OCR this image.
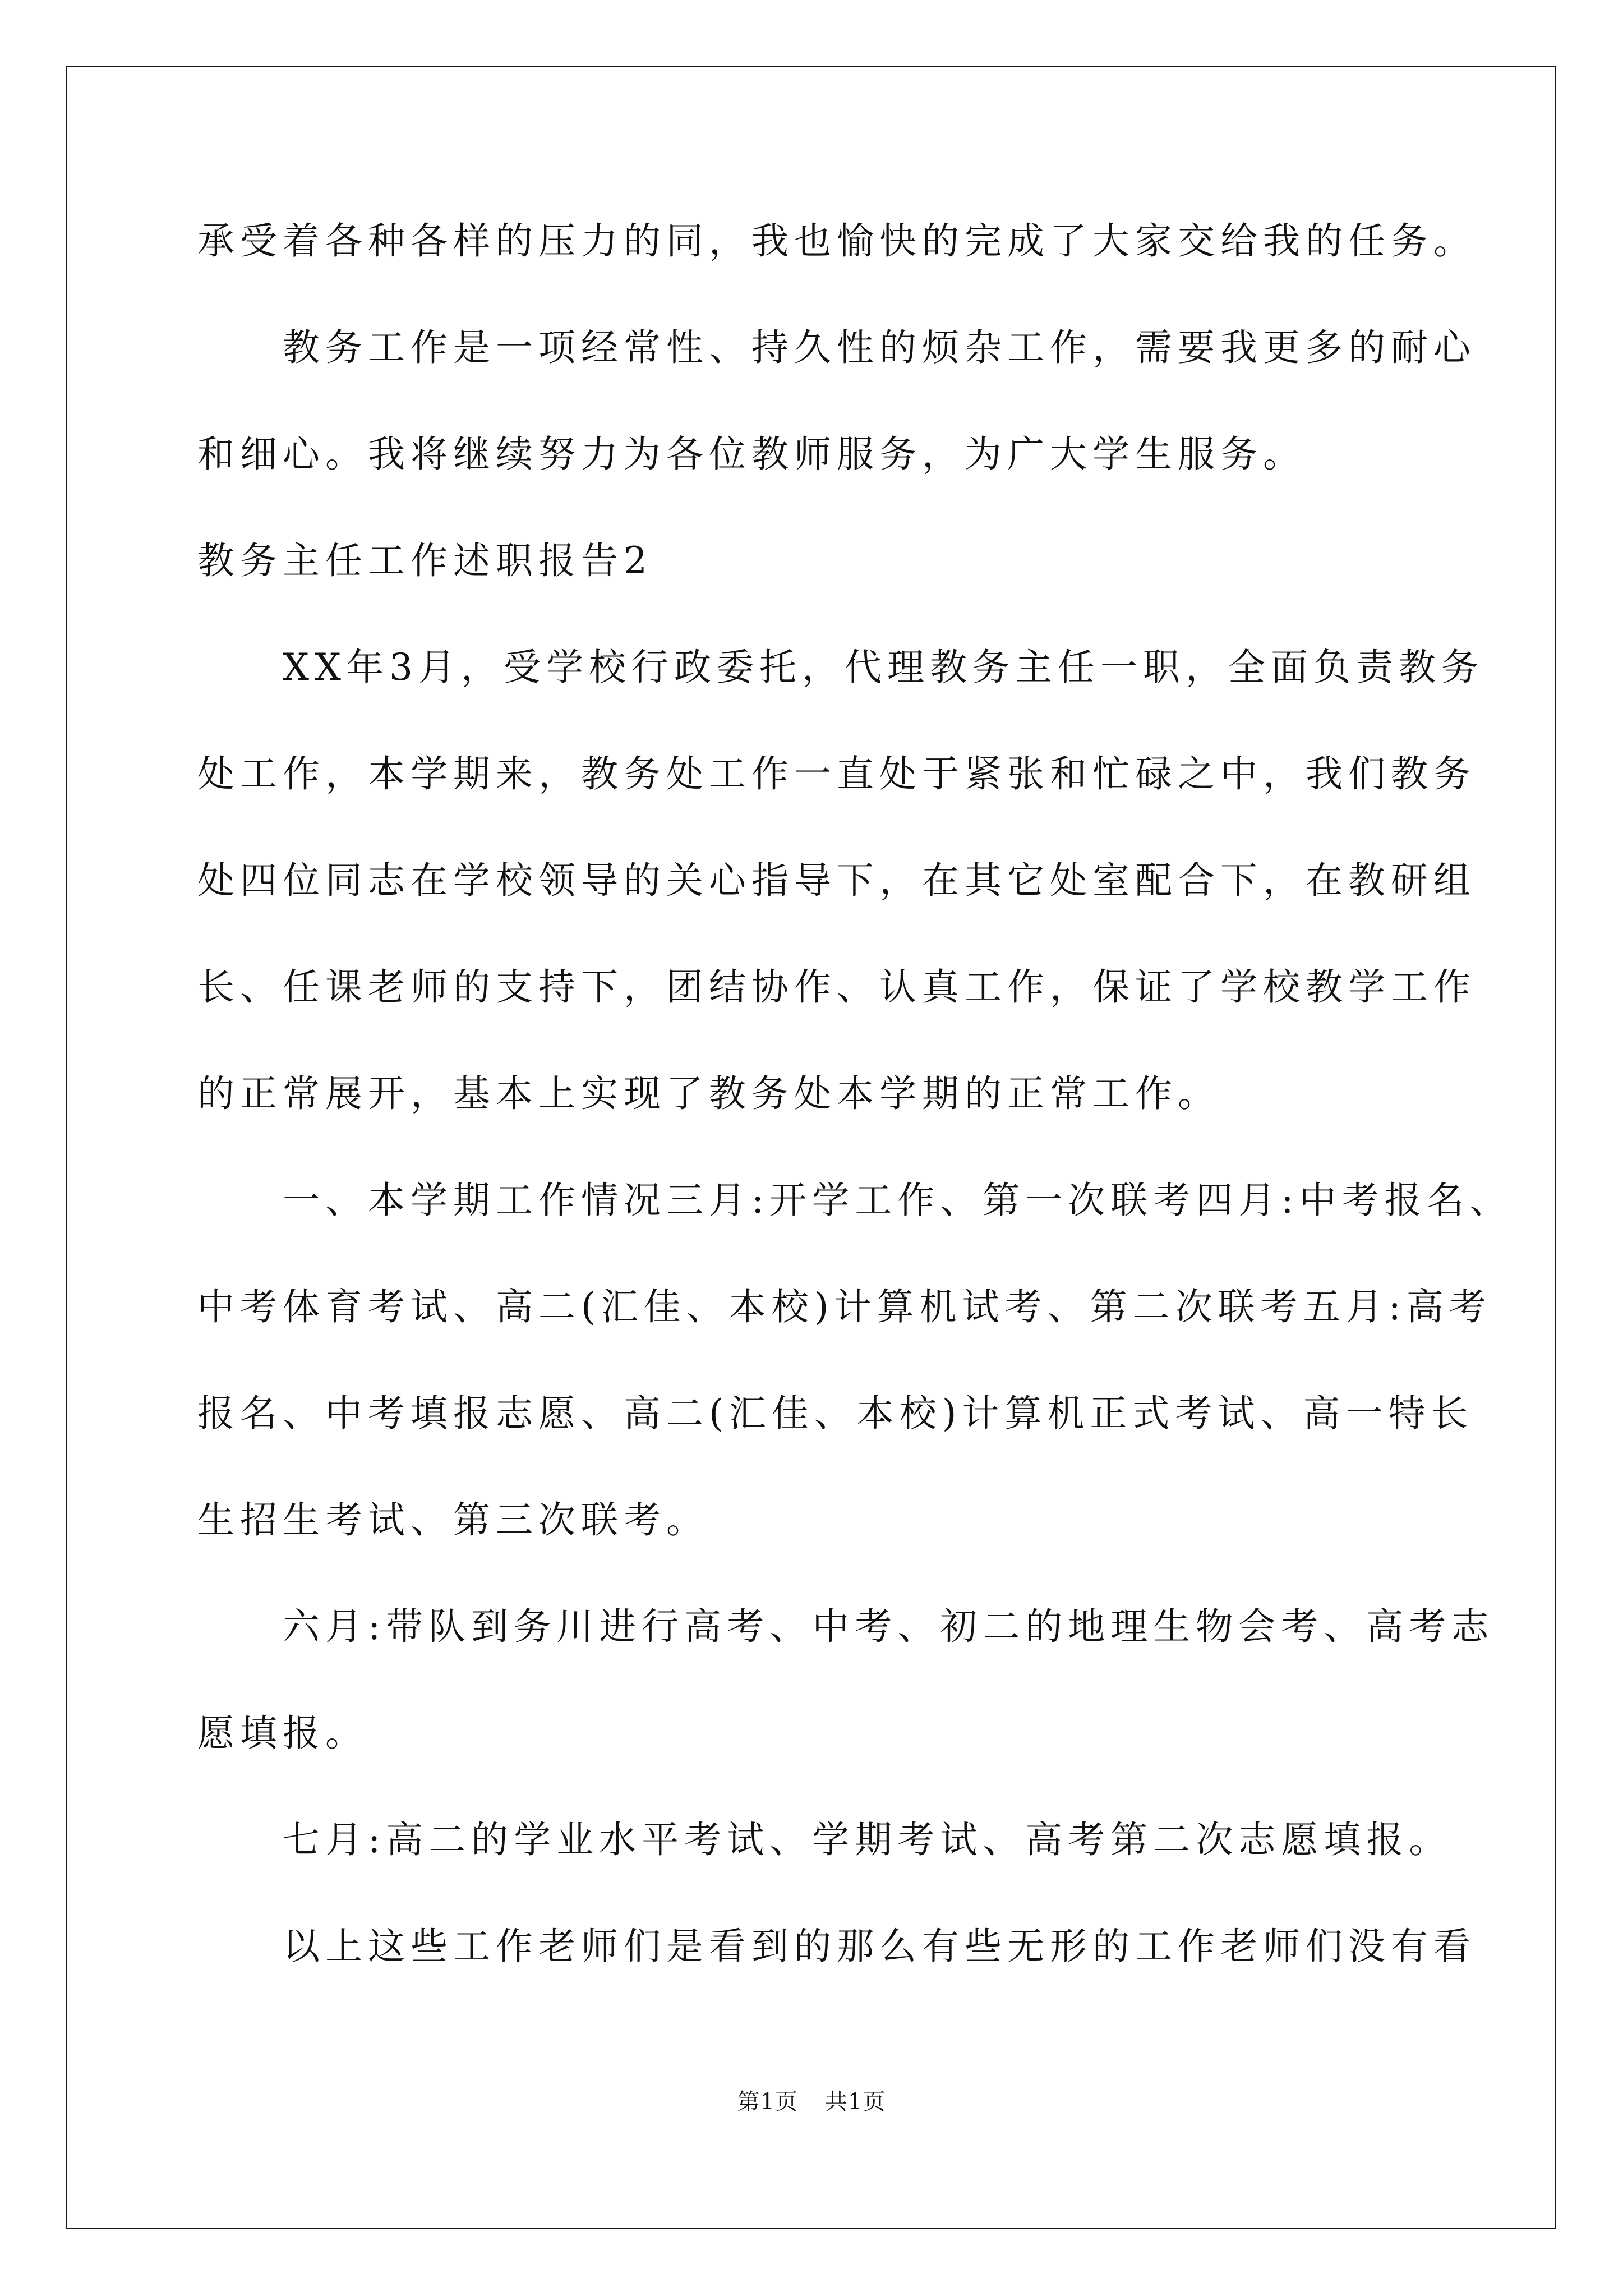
承受着各种各样的压力的同，我也愉快的完成了大家交给我的任务。
教务工作是一项经常性、持久性的烦杂工作，需要我更多的耐心
和细心。我将继续努力为各位教师服务，为广大学生服务。
教务主任工作述职报告2
XX年3月，受学校行政委托，代理教务主任一职，全面负责教务
处工作，本学期来，教务处工作一直处于紧张和忙碌之中，我们教务
处四位同志在学校领导的关心指导下，在其它处室配合下，在教研组
长、任课老师的支持下，团结协作、认真工作，保证了学校教学工作
的正常展开，基本上实现了教务处本学期的正常工作。
一、本学期工作情况三月:开学工作、第一次联考四月:中考报名、
中考体育考试、高二(汇佳、本校)计算机试考、第二次联考五月:高考
报名、中考填报志愿、高二(汇佳、本校)计算机正式考试、高一特长
生招生考试、第三次联考。
六月:带队到务川进行高考、中考、初二的地理生物会考、高考志
愿填报。
七月:高二的学业水平考试、学期考试、高考第二次志愿填报。
以上这些工作老师们是看到的那么有些无形的工作老师们没有看
第1页 共1页
